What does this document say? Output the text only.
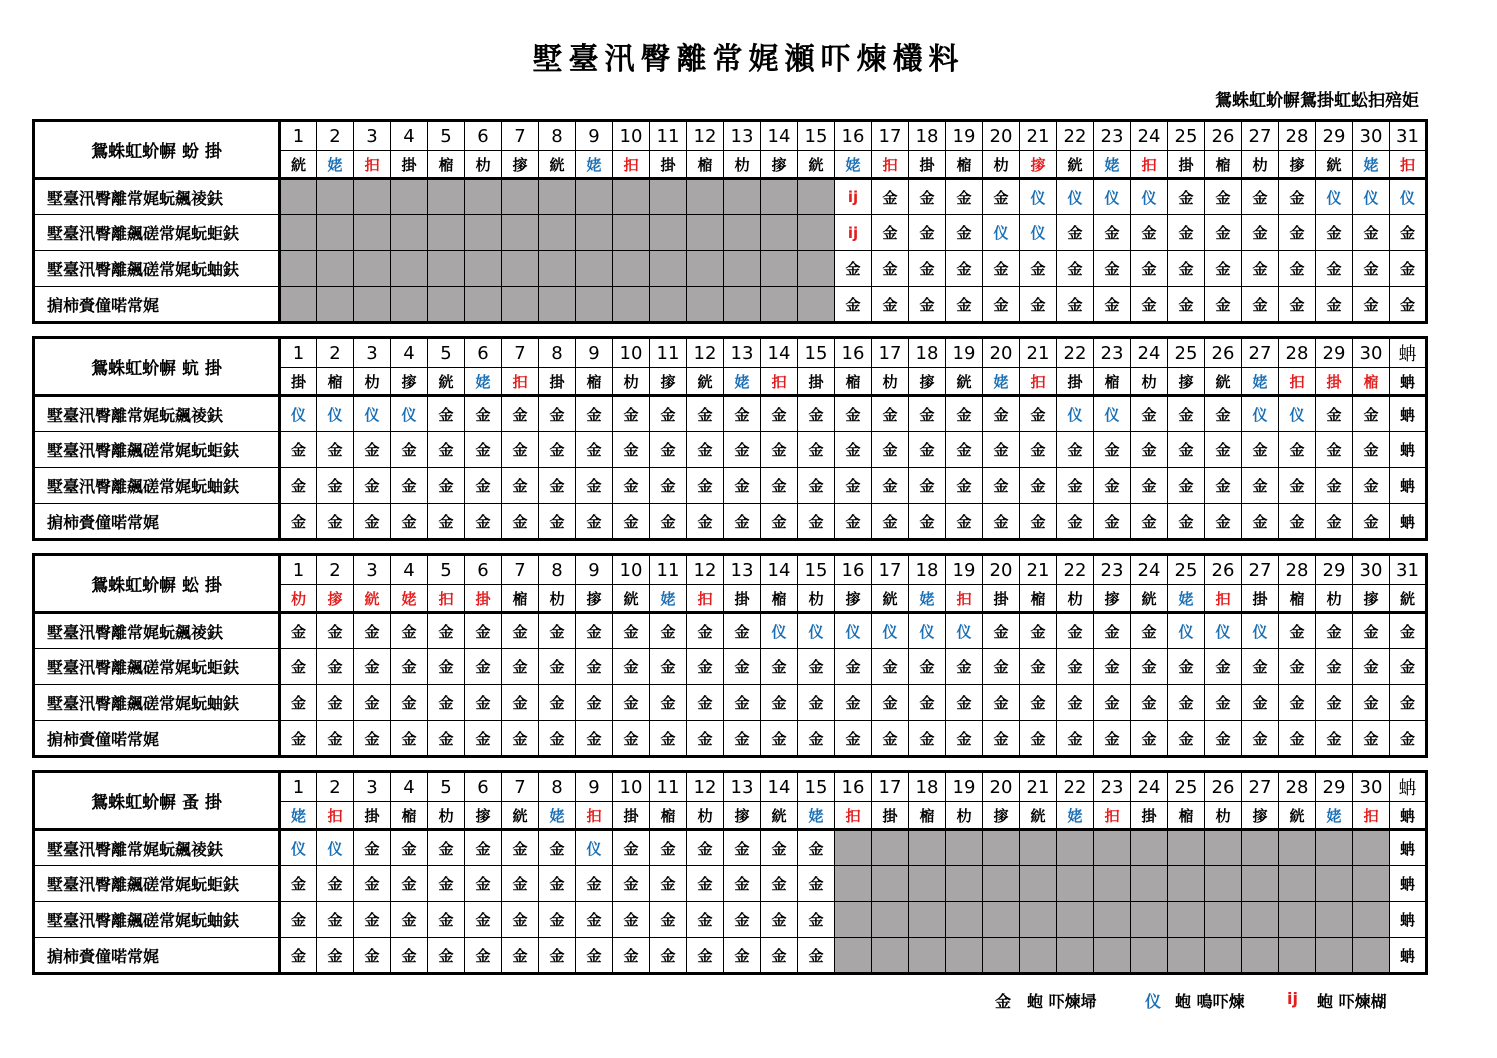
墅臺汛臀離常娓瀬吓煉欉料
鴛蛛虹蚧幈鴛掛虹蚣抇殕姖
鴛蛛虹蚧幈 蚡 掛	1	2	3	4	5	6	7	8	9	10	11	12	13	14	15	16	17	18	19	20	21	22	23	24	25	26	27	28	29	30	31
	絖	姥	抇	掛	樎	朸	摉	絖	姥	抇	掛	樎	朸	摉	絖	姥	抇	掛	樎	朸	摉	絖	姥	抇	掛	樎	朸	摉	絖	姥	抇
墅臺汛臀離常娓蚖飆祾鈇																ij	金	金	金	金	仪	仪	仪	仪	金	金	金	金	仪	仪	仪
墅臺汛臀離飆磋常娓蚖蚷鈇																ij	金	金	金	仪	仪	金	金	金	金	金	金	金	金	金	金
墅臺汛臀離飆磋常娓蚖蚰鈇																金	金	金	金	金	金	金	金	金	金	金	金	金	金	金	金
掮柿賫僮喏常娓																金	金	金	金	金	金	金	金	金	金	金	金	金	金	金	金
鴛蛛虹蚧幈 蚢 掛	1	2	3	4	5	6	7	8	9	10	11	12	13	14	15	16	17	18	19	20	21	22	23	24	25	26	27	28	29	30	蚺
	掛	樎	朸	摉	絖	姥	抇	掛	樎	朸	摉	絖	姥	抇	掛	樎	朸	摉	絖	姥	抇	掛	樎	朸	摉	絖	姥	抇	掛	樎	蚺
墅臺汛臀離常娓蚖飆祾鈇	仪	仪	仪	仪	金	金	金	金	金	金	金	金	金	金	金	金	金	金	金	金	金	仪	仪	金	金	金	仪	仪	金	金	蚺
墅臺汛臀離飆磋常娓蚖蚷鈇	金	金	金	金	金	金	金	金	金	金	金	金	金	金	金	金	金	金	金	金	金	金	金	金	金	金	金	金	金	金	蚺
墅臺汛臀離飆磋常娓蚖蚰鈇	金	金	金	金	金	金	金	金	金	金	金	金	金	金	金	金	金	金	金	金	金	金	金	金	金	金	金	金	金	金	蚺
掮柿賫僮喏常娓	金	金	金	金	金	金	金	金	金	金	金	金	金	金	金	金	金	金	金	金	金	金	金	金	金	金	金	金	金	金	蚺
鴛蛛虹蚧幈 蚣 掛	1	2	3	4	5	6	7	8	9	10	11	12	13	14	15	16	17	18	19	20	21	22	23	24	25	26	27	28	29	30	31
	朸	摉	絖	姥	抇	掛	樎	朸	摉	絖	姥	抇	掛	樎	朸	摉	絖	姥	抇	掛	樎	朸	摉	絖	姥	抇	掛	樎	朸	摉	絖
墅臺汛臀離常娓蚖飆祾鈇	金	金	金	金	金	金	金	金	金	金	金	金	金	仪	仪	仪	仪	仪	仪	金	金	金	金	金	仪	仪	仪	金	金	金	金
墅臺汛臀離飆磋常娓蚖蚷鈇	金	金	金	金	金	金	金	金	金	金	金	金	金	金	金	金	金	金	金	金	金	金	金	金	金	金	金	金	金	金	金
墅臺汛臀離飆磋常娓蚖蚰鈇	金	金	金	金	金	金	金	金	金	金	金	金	金	金	金	金	金	金	金	金	金	金	金	金	金	金	金	金	金	金	金
掮柿賫僮喏常娓	金	金	金	金	金	金	金	金	金	金	金	金	金	金	金	金	金	金	金	金	金	金	金	金	金	金	金	金	金	金	金
鴛蛛虹蚧幈 蚤 掛	1	2	3	4	5	6	7	8	9	10	11	12	13	14	15	16	17	18	19	20	21	22	23	24	25	26	27	28	29	30	蚺
	姥	抇	掛	樎	朸	摉	絖	姥	抇	掛	樎	朸	摉	絖	姥	抇	掛	樎	朸	摉	絖	姥	抇	掛	樎	朸	摉	絖	姥	抇	蚺
墅臺汛臀離常娓蚖飆祾鈇	仪	仪	金	金	金	金	金	金	仪	金	金	金	金	金	金																蚺
墅臺汛臀離飆磋常娓蚖蚷鈇	金	金	金	金	金	金	金	金	金	金	金	金	金	金	金																蚺
墅臺汛臀離飆磋常娓蚖蚰鈇	金	金	金	金	金	金	金	金	金	金	金	金	金	金	金																蚺
掮柿賫僮喏常娓	金	金	金	金	金	金	金	金	金	金	金	金	金	金	金																蚺
金 蚫 吓煉埽	仪 蚫 鳴吓煉	ij 蚫 吓煉楜
